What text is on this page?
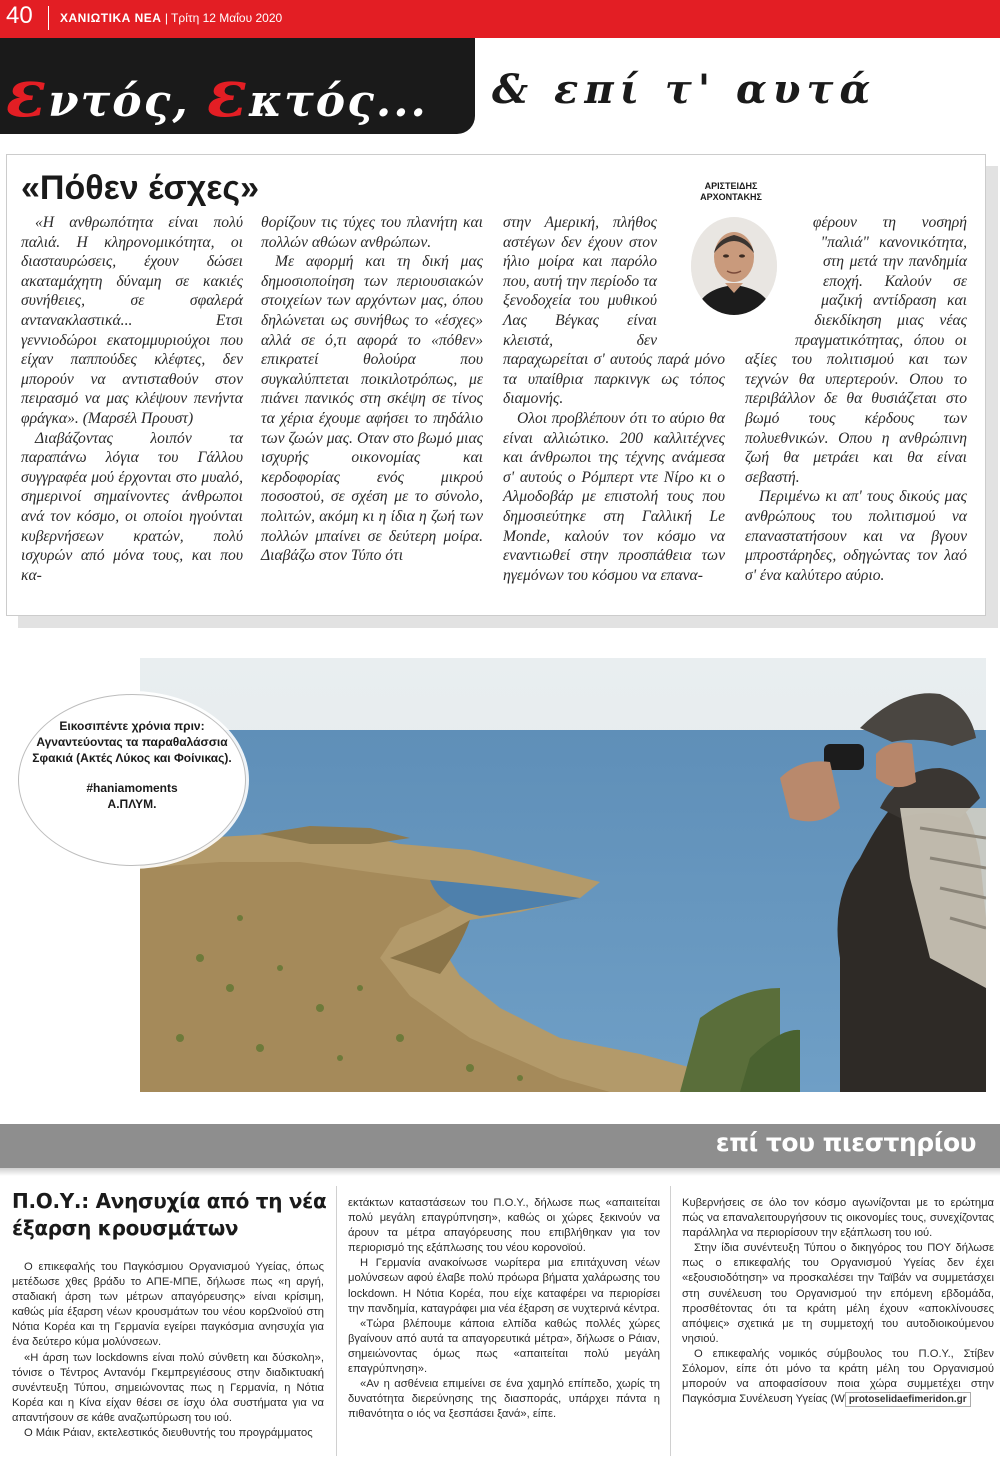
40 ΧΑΝΙΩΤΙΚΑ ΝΕΑ | Τρίτη 12 Μαΐου 2020
εντός, εκτός... & επί τ' αυτά
«Πόθεν έσχες»	ΑΡΙΣΤΕΙΔΗΣ
ΑΡΧΟΝΤΑΚΗΣ

«Η ανθρωπότητα είναι πολύ παλιά. Η κληρονομικότητα, οι διασταυρώσεις, έχουν δώσει ακαταμάχητη δύναμη σε κακιές συνήθειες, σε σφαλερά αντανακλαστικά... Ετσι γεννιοδώροι εκατομμυριούχοι που είχαν παππούδες κλέφτες, δεν μπορούν να αντισταθούν στον πειρασμό να μας κλέψουν πενήντα φράγκα». (Μαρσέλ Προυστ)

Διαβάζοντας λοιπόν τα παραπάνω λόγια του Γάλλου συγγραφέα μού έρχονται στο μυαλό, σημερινοί σημαίνοντες άνθρωποι ανά τον κόσμο, οι οποίοι ηγούνται κυβερνήσεων κρατών, πολύ ισχυρών από μόνα τους, και που κα-

θορίζουν τις τύχες του πλανήτη και πολλών αθώων ανθρώπων.

Με αφορμή και τη δική μας δημοσιοποίηση των περιουσιακών στοιχείων των αρχόντων μας, όπου δηλώνεται ως συνήθως το «έσχες» αλλά σε ό,τι αφορά το «πόθεν» επικρατεί θολούρα που συγκαλύπτεται ποικιλοτρόπως, με πιάνει πανικός στη σκέψη σε τίνος τα χέρια έχουμε αφήσει το πηδάλιο των ζωών μας. Οταν στο βωμό μιας ισχυρής οικονομίας και κερδοφορίας ενός μικρού ποσοστού, σε σχέση με το σύνολο, πολιτών, ακόμη κι η ίδια η ζωή των πολλών μπαίνει σε δεύτερη μοίρα. Διαβάζω στον Τύπο ότι

στην Αμερική, πλήθος αστέγων δεν έχουν στον ήλιο μοίρα και παρόλο που, αυτή την περίοδο τα ξενοδοχεία του μυθικού Λας Βέγκας είναι κλειστά, δεν παραχωρείται σ' αυτούς παρά μόνο τα υπαίθρια παρκινγκ ως τόπος διαμονής.

Ολοι προβλέπουν ότι το αύριο θα είναι αλλιώτικο. 200 καλλιτέχνες και άνθρωποι της τέχνης ανάμεσα σ' αυτούς ο Ρόμπερτ ντε Νίρο κι ο Αλμοδοβάρ με επιστολή τους που δημοσιεύτηκε στη Γαλλική Le Monde, καλούν τον κόσμο να εναντιωθεί στην προσπάθεια των ηγεμόνων του κόσμου να επανα-

φέρουν τη νοσηρή "παλιά" κανονικότητα, στη μετά την πανδημία εποχή. Καλούν σε μαζική αντίδραση και διεκδίκηση μιας νέας πραγματικότητας, όπου οι αξίες του πολιτισμού και των τεχνών θα υπερτερούν. Οπου το περιβάλλον δε θα θυσιάζεται στο βωμό τους κέρδους των πολυεθνικών. Οπου η ανθρώπινη ζωή θα μετράει και θα είναι σεβαστή.

Περιμένω κι απ' τους δικούς μας ανθρώπους του πολιτισμού να επαναστατήσουν και να βγουν μπροστάρηδες, οδηγώντας τον λαό σ' ένα καλύτερο αύριο.

Εικοσιπέντε χρόνια πριν: Αγναντεύοντας τα παραθαλάσσια Σφακιά (Ακτές Λύκος και Φοίνικας).
#haniamoments
Α.ΠΛΥΜ.
επί του πιεστηρίου
Π.Ο.Υ.: Ανησυχία από τη νέα έξαρση κρουσμάτων

Ο επικεφαλής του Παγκόσμιου Οργανισμού Υγείας, όπως μετέδωσε χθες βράδυ το ΑΠΕ-ΜΠΕ, δήλωσε πως «η αργή, σταδιακή άρση των μέτρων απαγόρευσης» είναι κρίσιμη, καθώς μία έξαρση νέων κρουσμάτων του νέου κορΩνοϊού στη Νότια Κορέα και τη Γερμανία εγείρει παγκόσμια ανησυχία για ένα δεύτερο κύμα μολύνσεων.

«Η άρση των lockdowns είναι πολύ σύνθετη και δύσκολη», τόνισε ο Τέντρος Αντανόμ Γκεμπρεγιέσους στην διαδικτυακή συνέντευξη Τύπου, σημειώνοντας πως η Γερμανία, η Νότια Κορέα και η Κίνα είχαν θέσει σε ίσχυ όλα συστήματα για να απαντήσουν σε κάθε αναζωπύρωση του ιού.

Ο Μάικ Ράιαν, εκτελεστικός διευθυντής του προγράμματος

εκτάκτων καταστάσεων του Π.Ο.Υ., δήλωσε πως «απαιτείται πολύ μεγάλη επαγρύπνηση», καθώς οι χώρες ξεκινούν να άρουν τα μέτρα απαγόρευσης που επιβλήθηκαν για τον περιορισμό της εξάπλωσης του νέου κορονοϊού.

Η Γερμανία ανακοίνωσε νωρίτερα μια επιτάχυνση νέων μολύνσεων αφού έλαβε πολύ πρόωρα βήματα χαλάρωσης του lockdown. Η Νότια Κορέα, που είχε καταφέρει να περιορίσει την πανδημία, καταγράφει μια νέα έξαρση σε νυχτερινά κέντρα.

«Τώρα βλέπουμε κάποια ελπίδα καθώς πολλές χώρες βγαίνουν από αυτά τα απαγορευτικά μέτρα», δήλωσε ο Ράιαν, σημειώνοντας όμως πως «απαιτείται πολύ μεγάλη επαγρύπνηση».

«Αν η ασθένεια επιμείνει σε ένα χαμηλό επίπεδο, χωρίς τη δυνατότητα διερεύνησης της διασποράς, υπάρχει πάντα η πιθανότητα ο ιός να ξεσπάσει ξανά», είπε.

Κυβερνήσεις σε όλο τον κόσμο αγωνίζονται με το ερώτημα πώς να επαναλειτουργήσουν τις οικονομίες τους, συνεχίζοντας παράλληλα να περιορίσουν την εξάπλωση του ιού.

Στην ίδια συνέντευξη Τύπου ο δικηγόρος του ΠΟΥ δήλωσε πως ο επικεφαλής του Οργανισμού Υγείας δεν έχει «εξουσιοδότηση» να προσκαλέσει την Ταϊβάν να συμμετάσχει στη συνέλευση του Οργανισμού την επόμενη εβδομάδα, προσθέτοντας ότι τα κράτη μέλη έχουν «απoκλίνουσες απόψεις» σχετικά με τη συμμετοχή του αυτοδιοικούμενου νησιού.

Ο επικεφαλής νομικός σύμβουλος του Π.Ο.Υ., Στίβεν Σόλομον, είπε ότι μόνο τα κράτη μέλη του Οργανισμού μπορούν να αποφασίσουν ποια χώρα συμμετέχει στην Παγκόσμια Συνέλευση Υγείας (W protoselidaefimeridon.gr
